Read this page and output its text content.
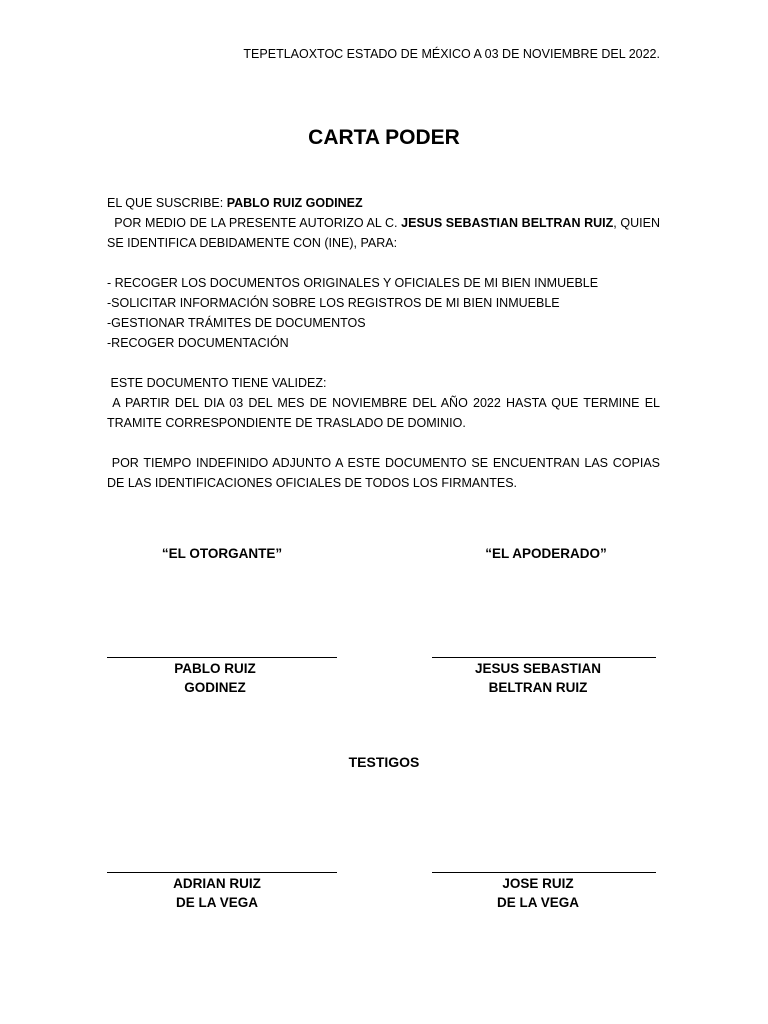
TEPETLAOXTOC ESTADO DE MÉXICO A 03 DE NOVIEMBRE DEL 2022.
CARTA PODER

EL QUE SUSCRIBE: PABLO RUIZ GODINEZ

POR MEDIO DE LA PRESENTE AUTORIZO AL C. JESUS SEBASTIAN BELTRAN RUIZ, QUIEN SE IDENTIFICA DEBIDAMENTE CON (INE), PARA:

- RECOGER LOS DOCUMENTOS ORIGINALES Y OFICIALES DE MI BIEN INMUEBLE

-SOLICITAR INFORMACIÓN SOBRE LOS REGISTROS DE MI BIEN INMUEBLE

-GESTIONAR TRÁMITES DE DOCUMENTOS

-RECOGER DOCUMENTACIÓN

ESTE DOCUMENTO TIENE VALIDEZ:

A PARTIR DEL DIA 03 DEL MES DE NOVIEMBRE DEL AÑO 2022 HASTA QUE TERMINE EL TRAMITE CORRESPONDIENTE DE TRASLADO DE DOMINIO.

POR TIEMPO INDEFINIDO ADJUNTO A ESTE DOCUMENTO SE ENCUENTRAN LAS COPIAS DE LAS IDENTIFICACIONES OFICIALES DE TODOS LOS FIRMANTES.

“EL OTORGANTE”	“EL APODERADO”
PABLO RUIZ
GODINEZ
JESUS SEBASTIAN
BELTRAN RUIZ
TESTIGOS
ADRIAN RUIZ
DE LA VEGA
JOSE RUIZ
DE LA VEGA
